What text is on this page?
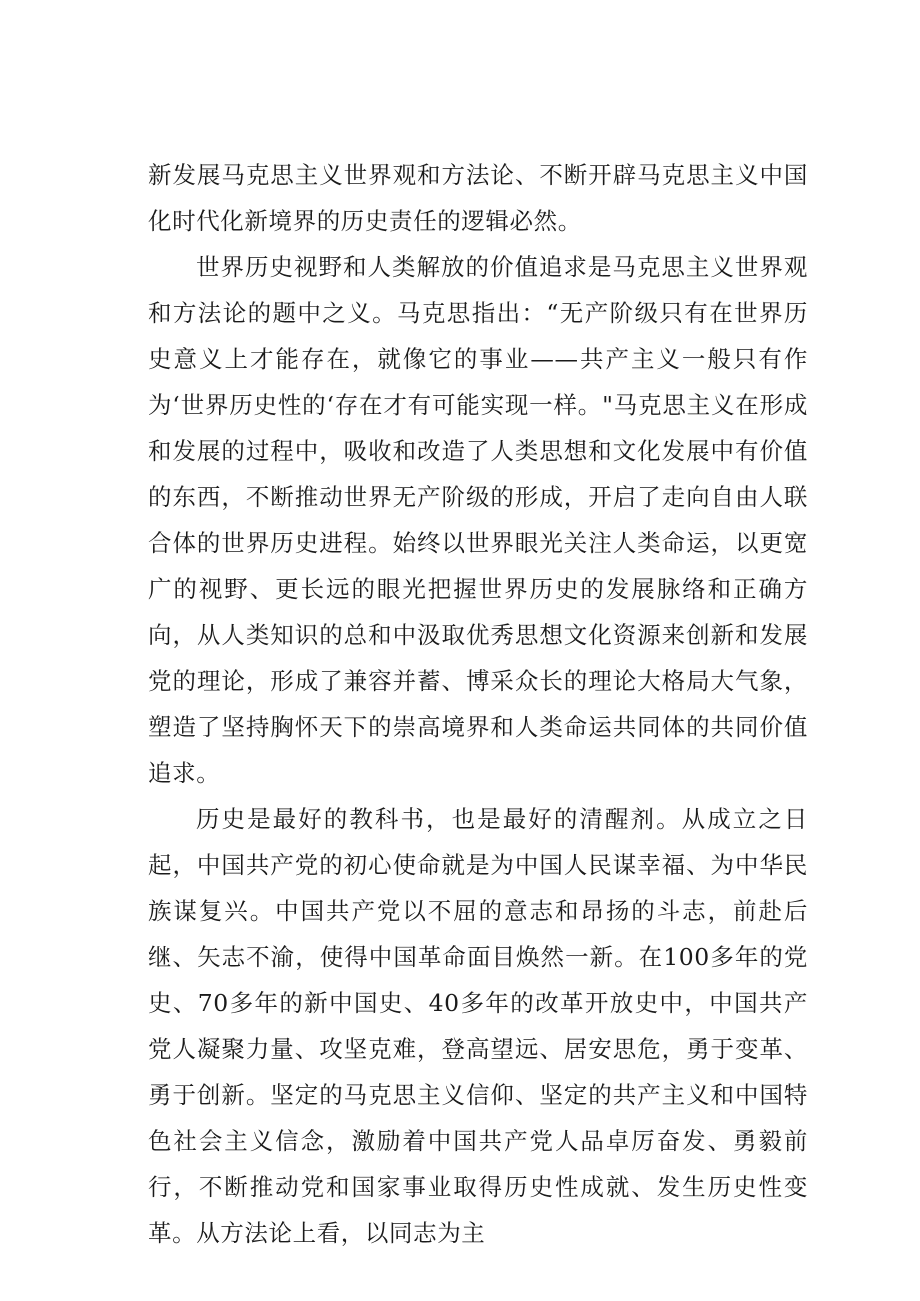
新发展马克思主义世界观和方法论、不断开辟马克思主义中国化时代化新境界的历史责任的逻辑必然。

世界历史视野和人类解放的价值追求是马克思主义世界观和方法论的题中之义。马克思指出：“无产阶级只有在世界历史意义上才能存在，就像它的事业——共产主义一般只有作为‘世界历史性的‘存在才有可能实现一样。"马克思主义在形成和发展的过程中，吸收和改造了人类思想和文化发展中有价值的东西，不断推动世界无产阶级的形成，开启了走向自由人联合体的世界历史进程。始终以世界眼光关注人类命运，以更宽广的视野、更长远的眼光把握世界历史的发展脉络和正确方向，从人类知识的总和中汲取优秀思想文化资源来创新和发展党的理论，形成了兼容并蓄、博采众长的理论大格局大气象，塑造了坚持胸怀天下的崇高境界和人类命运共同体的共同价值追求。

历史是最好的教科书，也是最好的清醒剂。从成立之日起，中国共产党的初心使命就是为中国人民谋幸福、为中华民族谋复兴。中国共产党以不屈的意志和昂扬的斗志，前赴后继、矢志不渝，使得中国革命面目焕然一新。在100多年的党史、70多年的新中国史、40多年的改革开放史中，中国共产党人凝聚力量、攻坚克难，登高望远、居安思危，勇于变革、勇于创新。坚定的马克思主义信仰、坚定的共产主义和中国特色社会主义信念，激励着中国共产党人品卓厉奋发、勇毅前行，不断推动党和国家事业取得历史性成就、发生历史性变革。从方法论上看，以同志为主
